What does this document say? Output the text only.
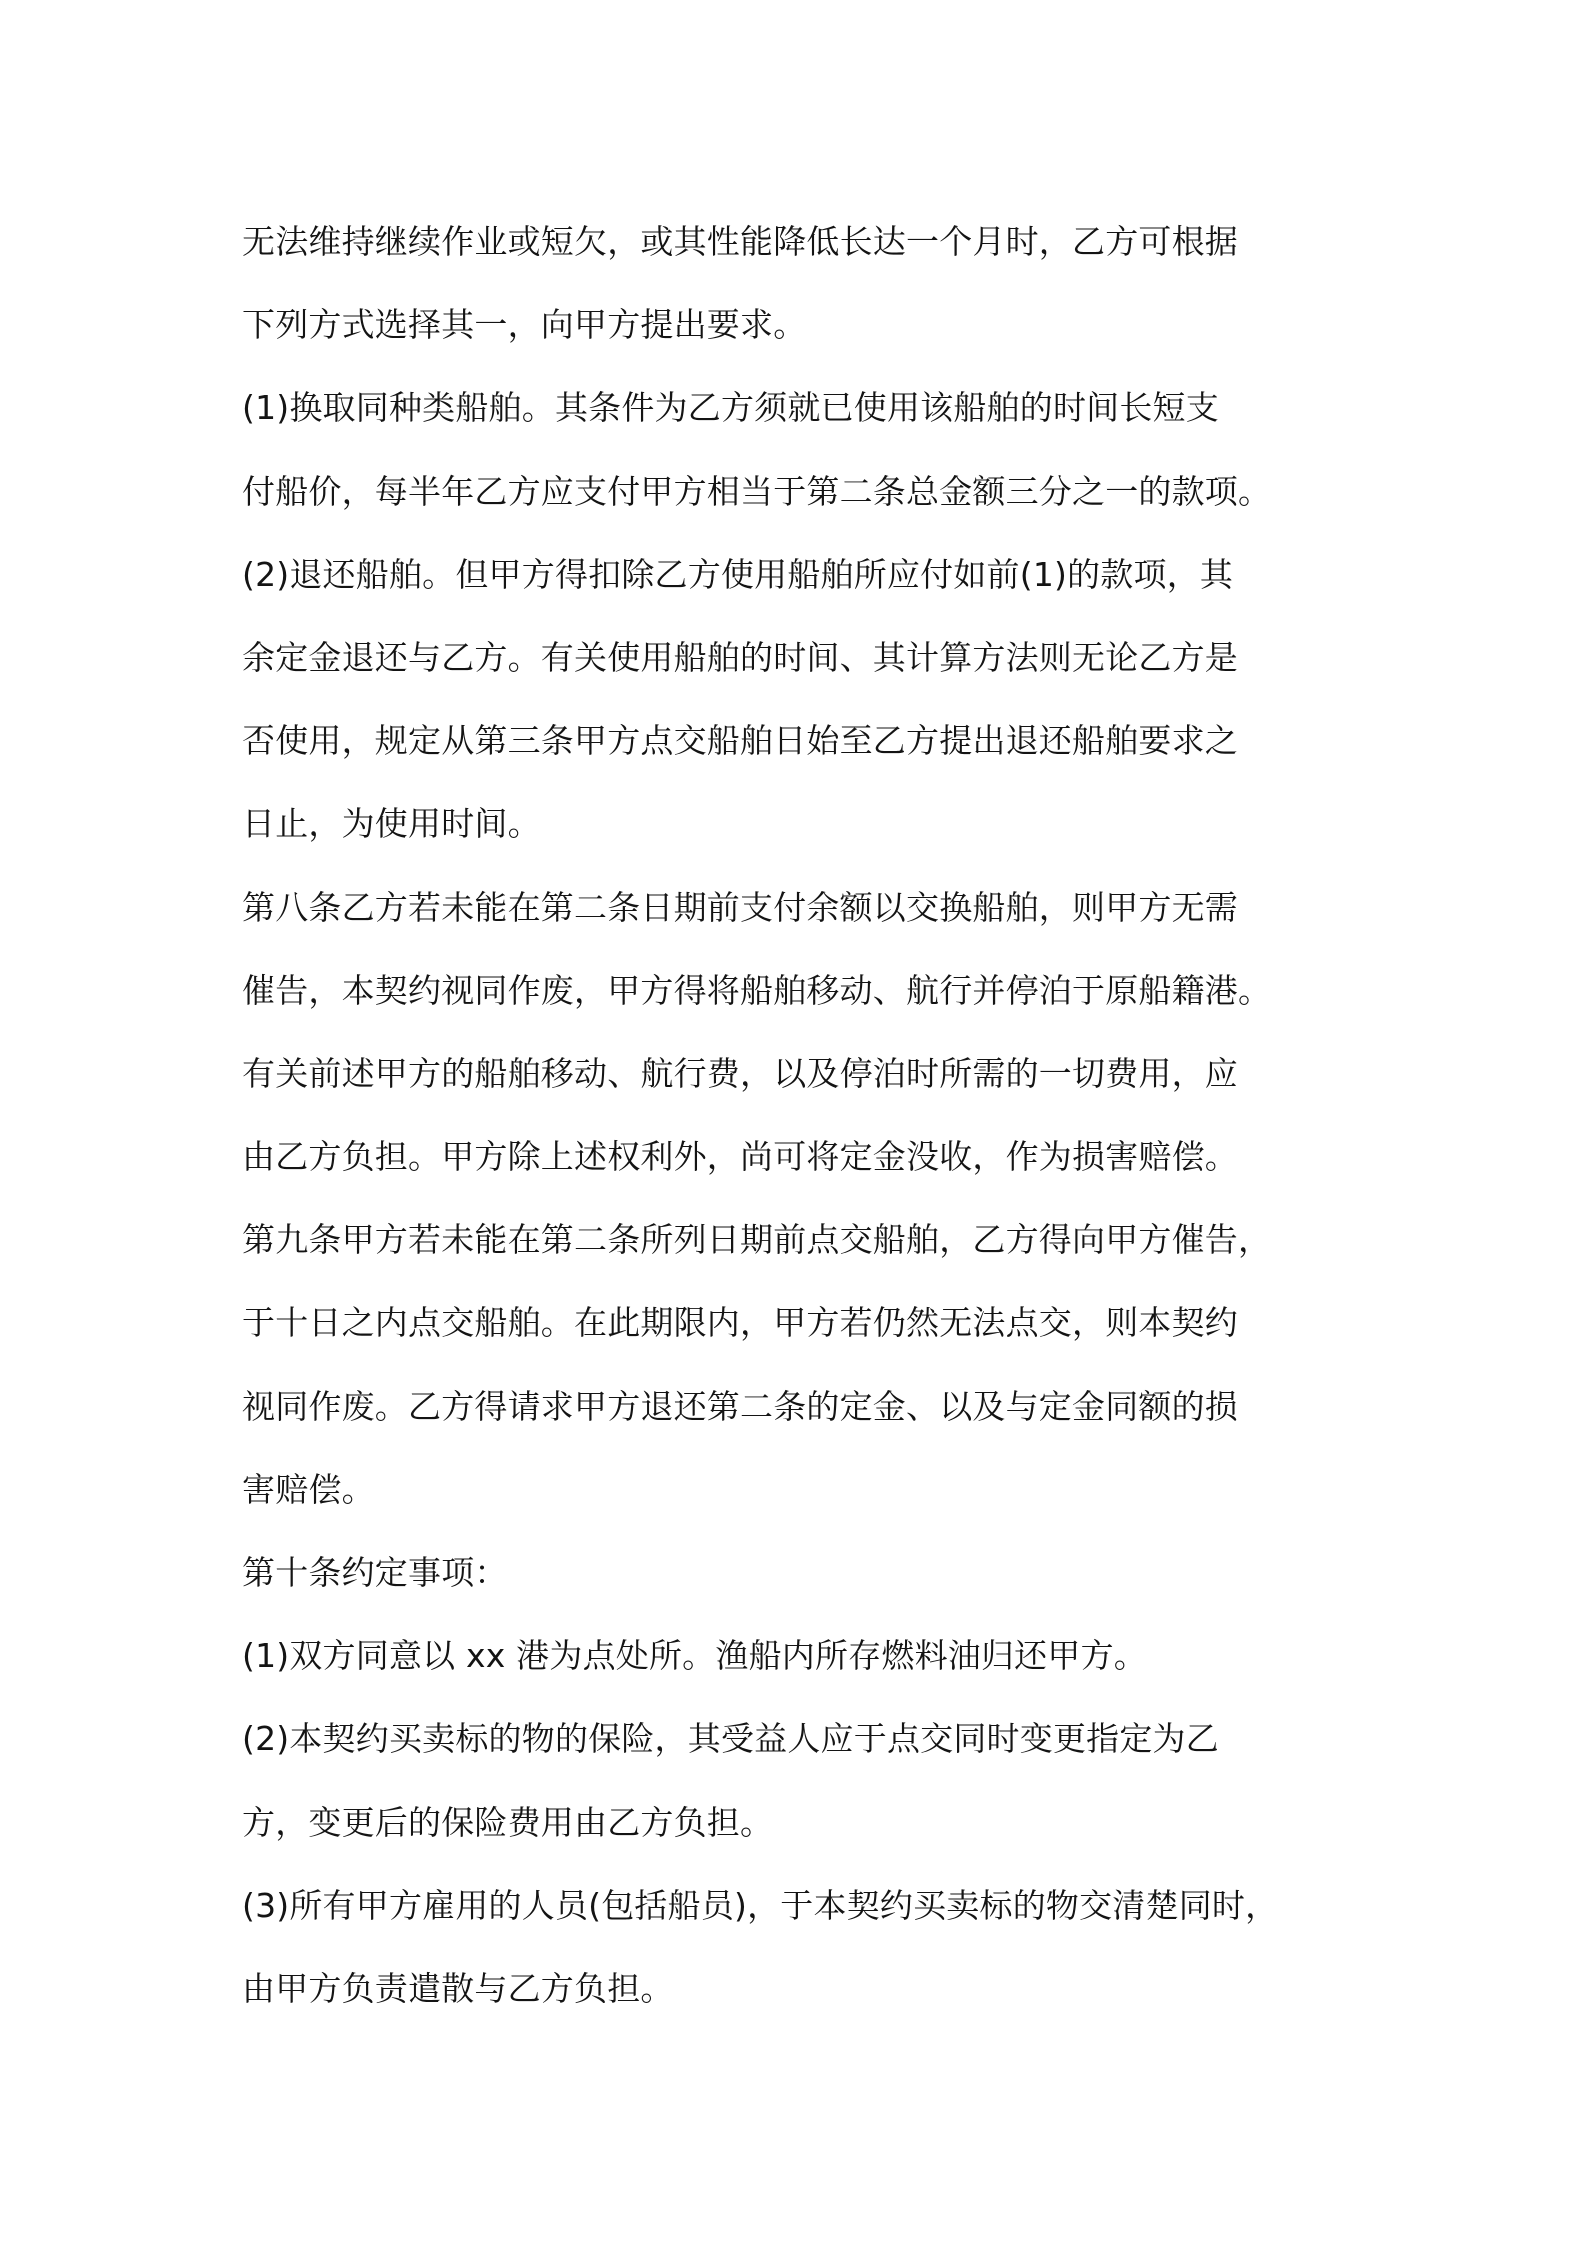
无法维持继续作业或短欠，或其性能降低长达一个月时，乙方可根据
下列方式选择其一，向甲方提出要求。
(1)换取同种类船舶。其条件为乙方须就已使用该船舶的时间长短支
付船价，每半年乙方应支付甲方相当于第二条总金额三分之一的款项。
(2)退还船舶。但甲方得扣除乙方使用船舶所应付如前(1)的款项，其
余定金退还与乙方。有关使用船舶的时间、其计算方法则无论乙方是
否使用，规定从第三条甲方点交船舶日始至乙方提出退还船舶要求之
日止，为使用时间。
第八条乙方若未能在第二条日期前支付余额以交换船舶，则甲方无需
催告，本契约视同作废，甲方得将船舶移动、航行并停泊于原船籍港。
有关前述甲方的船舶移动、航行费，以及停泊时所需的一切费用，应
由乙方负担。甲方除上述权利外，尚可将定金没收，作为损害赔偿。
第九条甲方若未能在第二条所列日期前点交船舶，乙方得向甲方催告，
于十日之内点交船舶。在此期限内，甲方若仍然无法点交，则本契约
视同作废。乙方得请求甲方退还第二条的定金、以及与定金同额的损
害赔偿。
第十条约定事项：
(1)双方同意以 xx 港为点处所。渔船内所存燃料油归还甲方。
(2)本契约买卖标的物的保险，其受益人应于点交同时变更指定为乙
方，变更后的保险费用由乙方负担。
(3)所有甲方雇用的人员(包括船员)，于本契约买卖标的物交清楚同时，
由甲方负责遣散与乙方负担。
